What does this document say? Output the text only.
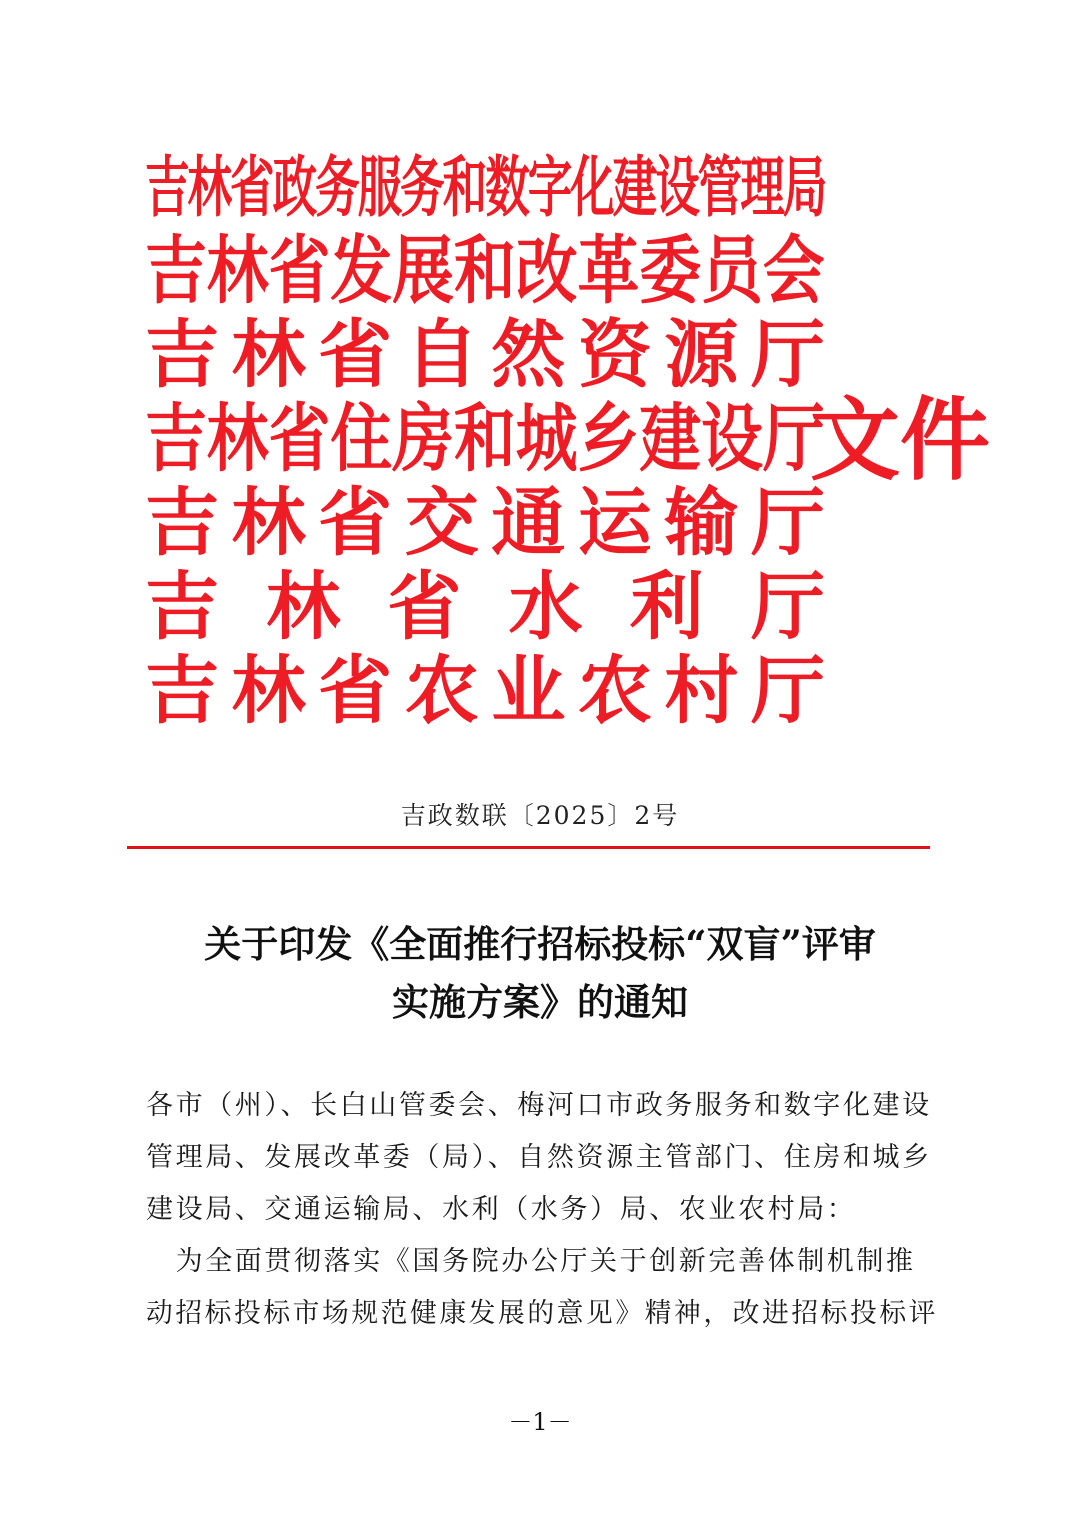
吉林省政务服务和数字化建设管理局
吉林省发展和改革委员会
吉 林 省 自 然 资 源 厅
吉林省住房和城乡建设厅
吉 林 省 交 通 运 输 厅
吉 林 省 水 利 厅
吉 林 省 农 业 农 村 厅
文件
吉政数联〔2025〕2号
关于印发《全面推行招标投标“双盲”评审
实施方案》的通知
各市（州）、长白山管委会、梅河口市政务服务和数字化建设
管理局、发展改革委（局）、自然资源主管部门、住房和城乡
建设局、交通运输局、水利（水务）局、农业农村局：
　为全面贯彻落实《国务院办公厅关于创新完善体制机制推
动招标投标市场规范健康发展的意见》精神，改进招标投标评
－1－
